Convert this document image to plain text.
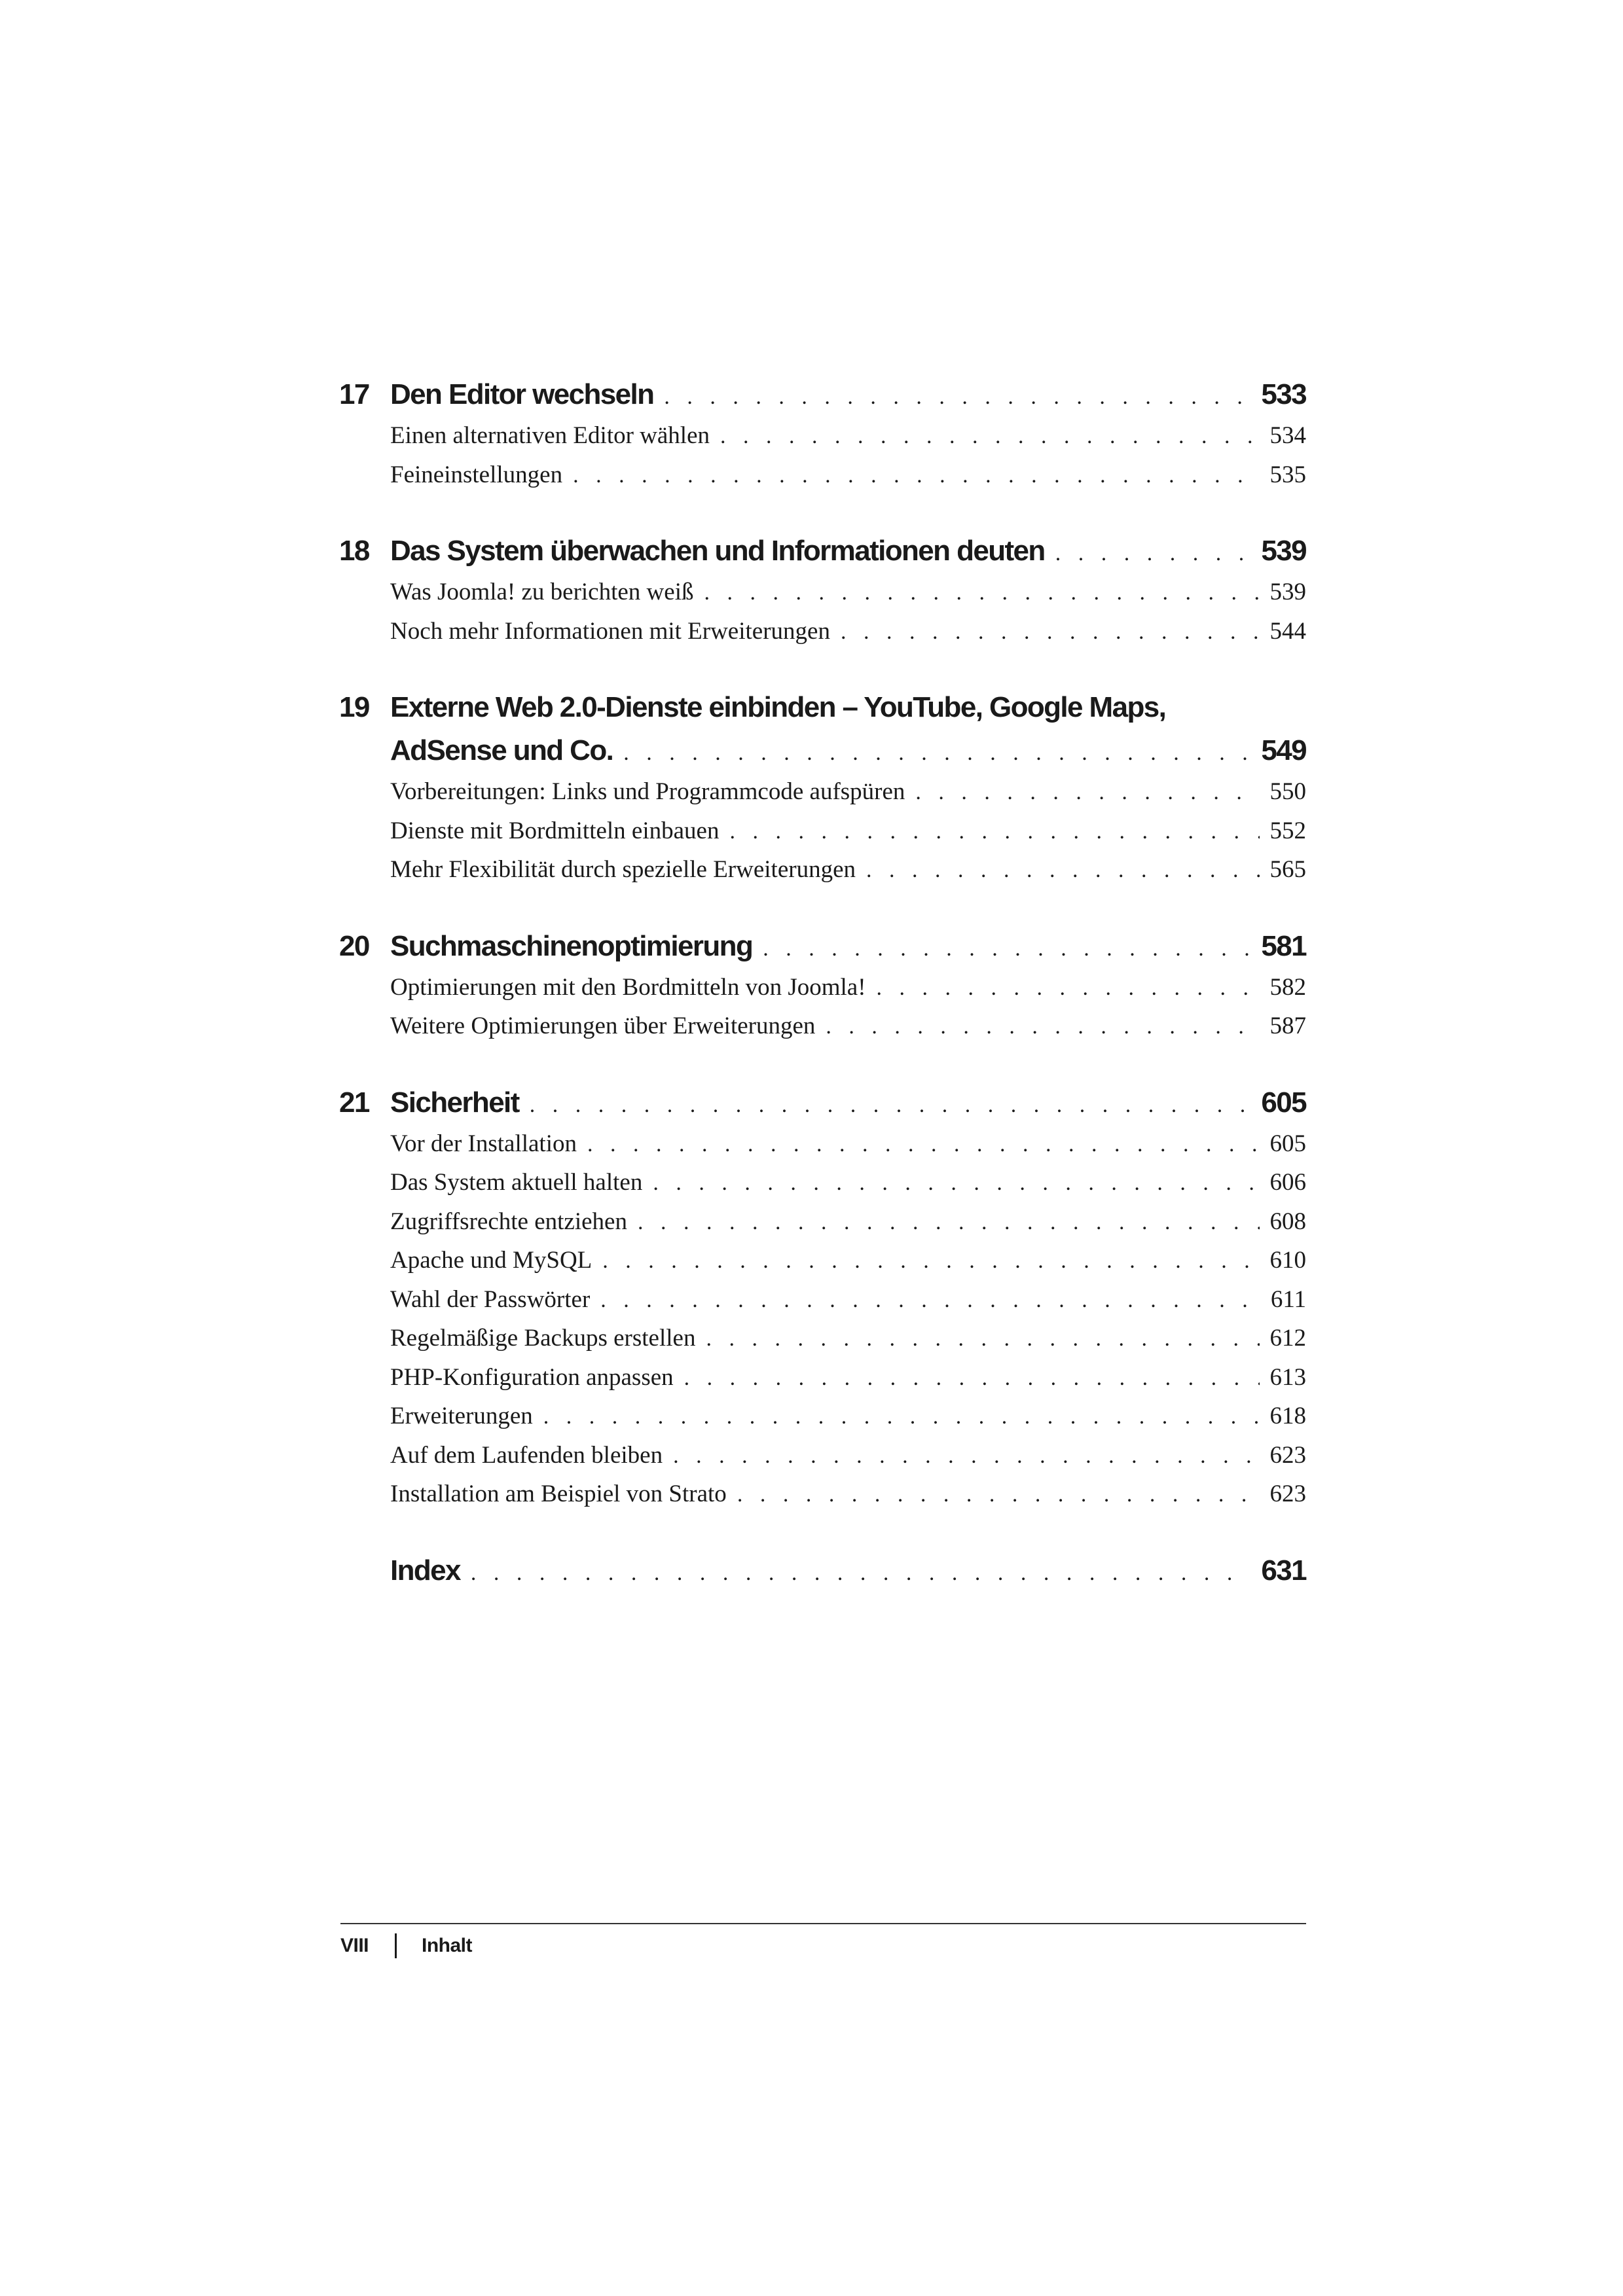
17 Den Editor wechseln . . .	533
Einen alternativen Editor wählen . . .	534
Feineinstellungen . . .	535
18 Das System überwachen und Informationen deuten . . .	539
Was Joomla! zu berichten weiß . . .	539
Noch mehr Informationen mit Erweiterungen . . .	544
19 Externe Web 2.0-Dienste einbinden – YouTube, Google Maps,
AdSense und Co. . . .	549
Vorbereitungen: Links und Programmcode aufspüren . . .	550
Dienste mit Bordmitteln einbauen . . .	552
Mehr Flexibilität durch spezielle Erweiterungen . . .	565
20 Suchmaschinenoptimierung . . .	581
Optimierungen mit den Bordmitteln von Joomla! . . .	582
Weitere Optimierungen über Erweiterungen . . .	587
21 Sicherheit . . .	605
Vor der Installation . . .	605
Das System aktuell halten . . .	606
Zugriffsrechte entziehen . . .	608
Apache und MySQL . . .	610
Wahl der Passwörter . . .	611
Regelmäßige Backups erstellen . . .	612
PHP-Konfiguration anpassen . . .	613
Erweiterungen . . .	618
Auf dem Laufenden bleiben . . .	623
Installation am Beispiel von Strato . . .	623
Index . . .	631
VIII	Inhalt
